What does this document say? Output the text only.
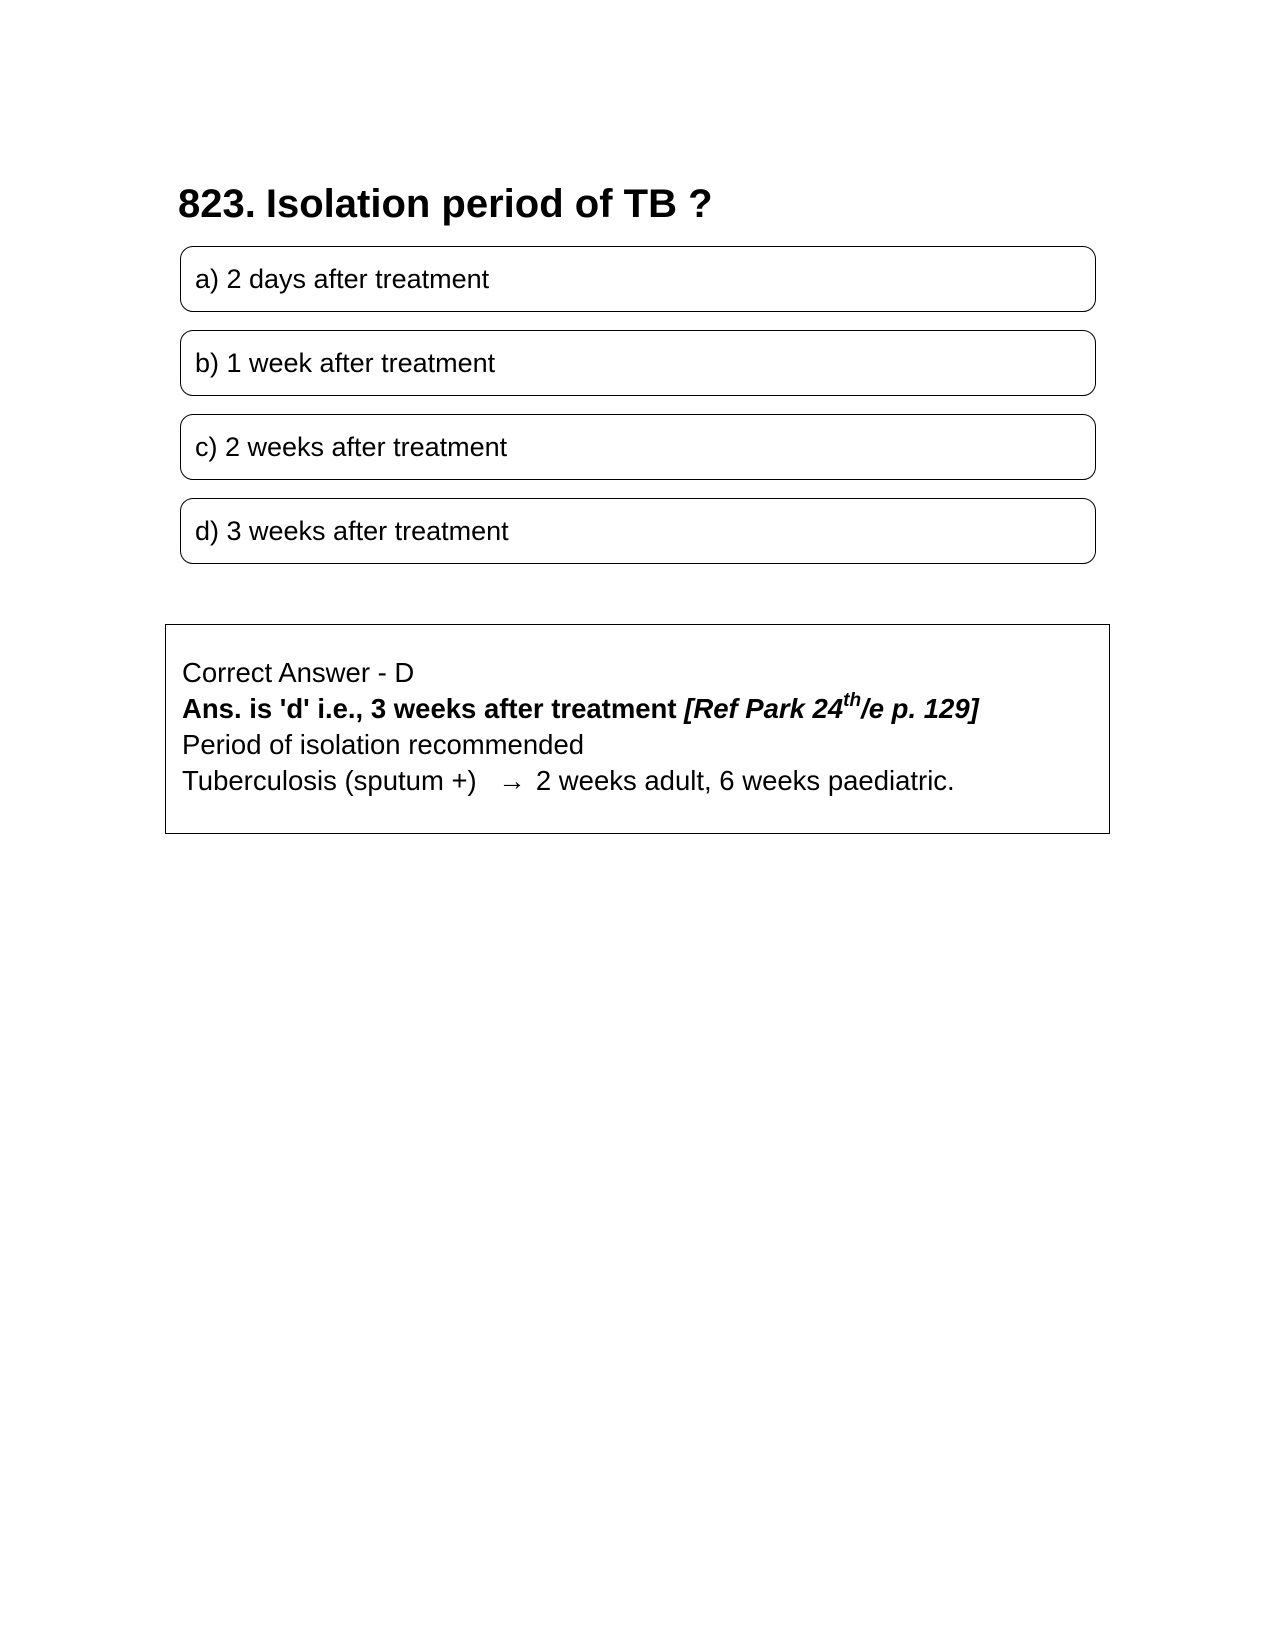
823. Isolation period of TB ?
a) 2 days after treatment
b) 1 week after treatment
c) 2 weeks after treatment
d) 3 weeks after treatment
Correct Answer - D
Ans. is 'd' i.e., 3 weeks after treatment [Ref Park 24th/e p. 129]
Period of isolation recommended
Tuberculosis (sputum +) → 2 weeks adult, 6 weeks paediatric.
